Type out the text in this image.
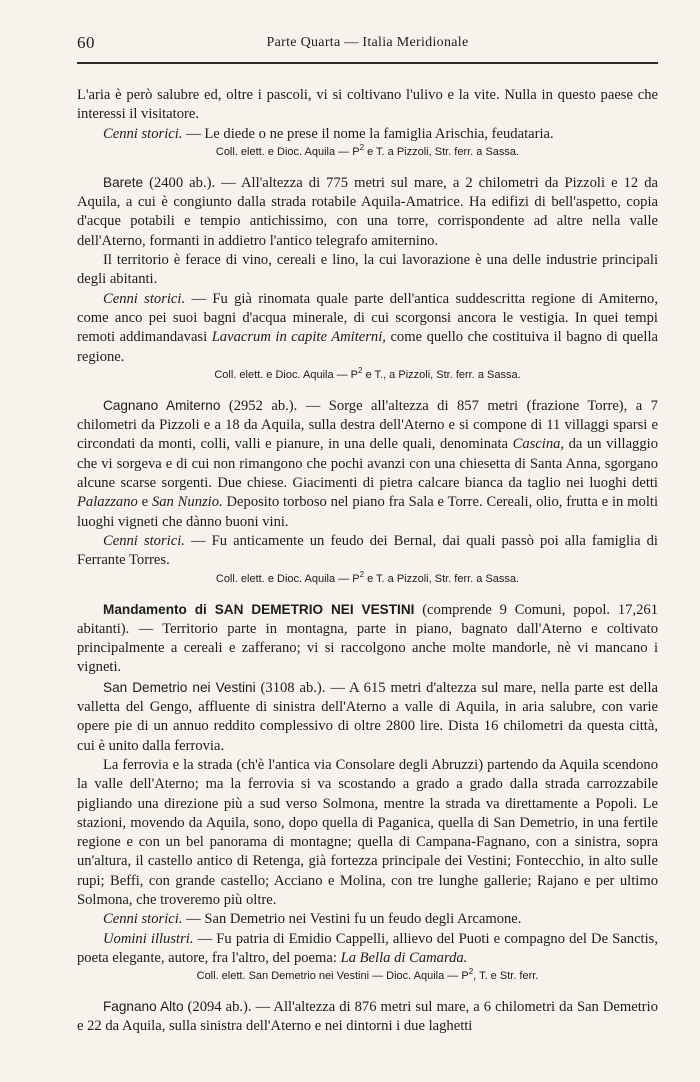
60	Parte Quarta — Italia Meridionale

L'aria è però salubre ed, oltre i pascoli, vi si coltivano l'ulivo e la vite. Nulla in questo paese che interessi il visitatore.

Cenni storici. — Le diede o ne prese il nome la famiglia Arischia, feudataria.

Coll. elett. e Dioc. Aquila — $P^2$ e T. a Pizzoli, Str. ferr. a Sassa.

Barete (2400 ab.). — All'altezza di 775 metri sul mare, a 2 chilometri da Pizzoli e 12 da Aquila, a cui è congiunto dalla strada rotabile Aquila-Amatrice. Ha edifizi di bell'aspetto, copia d'acque potabili e tempio antichissimo, con una torre, corrispondente ad altre nella valle dell'Aterno, formanti in addietro l'antico telegrafo amiternino.

Il territorio è ferace di vino, cereali e lino, la cui lavorazione è una delle industrie principali degli abitanti.

Cenni storici. — Fu già rinomata quale parte dell'antica suddescritta regione di Amiterno, come anco pei suoi bagni d'acqua minerale, di cui scorgonsi ancora le vestigia. In quei tempi remoti addimandavasi Lavacrum in capite Amiterni, come quello che costituiva il bagno di quella regione.

Coll. elett. e Dioc. Aquila — $P^2$ e T., a Pizzoli, Str. ferr. a Sassa.

Cagnano Amiterno (2952 ab.). — Sorge all'altezza di 857 metri (frazione Torre), a 7 chilometri da Pizzoli e a 18 da Aquila, sulla destra dell'Aterno e si compone di 11 villaggi sparsi e circondati da monti, colli, valli e pianure, in una delle quali, denominata Cascina, da un villaggio che vi sorgeva e di cui non rimangono che pochi avanzi con una chiesetta di Santa Anna, sgorgano alcune scarse sorgenti. Due chiese. Giacimenti di pietra calcare bianca da taglio nei luoghi detti Palazzano e San Nunzio. Deposito torboso nel piano fra Sala e Torre. Cereali, olio, frutta e in molti luoghi vigneti che dànno buoni vini.

Cenni storici. — Fu anticamente un feudo dei Bernal, dai quali passò poi alla famiglia di Ferrante Torres.

Coll. elett. e Dioc. Aquila — $P^2$ e T. a Pizzoli, Str. ferr. a Sassa.

Mandamento di SAN DEMETRIO NEI VESTINI (comprende 9 Comuni, popol. 17,261 abitanti). — Territorio parte in montagna, parte in piano, bagnato dall'Aterno e coltivato principalmente a cereali e zafferano; vi si raccolgono anche molte mandorle, nè vi mancano i vigneti.

San Demetrio nei Vestini (3108 ab.). — A 615 metri d'altezza sul mare, nella parte est della valletta del Gengo, affluente di sinistra dell'Aterno a valle di Aquila, in aria salubre, con varie opere pie di un annuo reddito complessivo di oltre 2800 lire. Dista 16 chilometri da questa città, cui è unito dalla ferrovia.

La ferrovia e la strada (ch'è l'antica via Consolare degli Abruzzi) partendo da Aquila scendono la valle dell'Aterno; ma la ferrovia si va scostando a grado a grado dalla strada carrozzabile pigliando una direzione più a sud verso Solmona, mentre la strada va direttamente a Popoli. Le stazioni, movendo da Aquila, sono, dopo quella di Paganica, quella di San Demetrio, in una fertile regione e con un bel panorama di montagne; quella di Campana-Fagnano, con a sinistra, sopra un'altura, il castello antico di Retenga, già fortezza principale dei Vestini; Fontecchio, in alto sulle rupi; Beffi, con grande castello; Acciano e Molina, con tre lunghe gallerie; Rajano e per ultimo Solmona, che troveremo più oltre.

Cenni storici. — San Demetrio nei Vestini fu un feudo degli Arcamone.

Uomini illustri. — Fu patria di Emidio Cappelli, allievo del Puoti e compagno del De Sanctis, poeta elegante, autore, fra l'altro, del poema: La Bella di Camarda.

Coll. elett. San Demetrio nei Vestini — Dioc. Aquila — $P^2$, T. e Str. ferr.

Fagnano Alto (2094 ab.). — All'altezza di 876 metri sul mare, a 6 chilometri da San Demetrio e 22 da Aquila, sulla sinistra dell'Aterno e nei dintorni i due laghetti
